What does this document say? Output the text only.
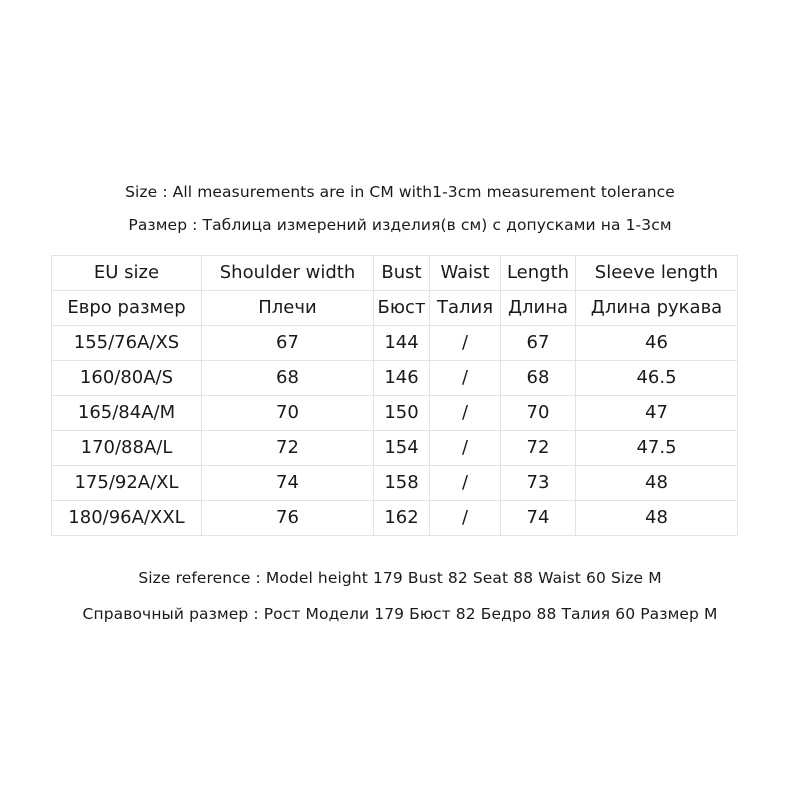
Size : All measurements are in CM with1-3cm measurement tolerance
Размер : Таблица измерений изделия(в см) с допусками на 1-3см
EU size	Shoulder width	Bust	Waist	Length	Sleeve length
Евро размер	Плечи	Бюст	Талия	Длина	Длина рукава
155/76A/XS	67	144	/	67	46
160/80A/S	68	146	/	68	46.5
165/84A/M	70	150	/	70	47
170/88A/L	72	154	/	72	47.5
175/92A/XL	74	158	/	73	48
180/96A/XXL	76	162	/	74	48
Size reference : Model height 179 Bust 82 Seat 88 Waist 60 Size M
Справочный размер : Рост Модели 179 Бюст 82 Бедро 88 Талия 60 Размер M
